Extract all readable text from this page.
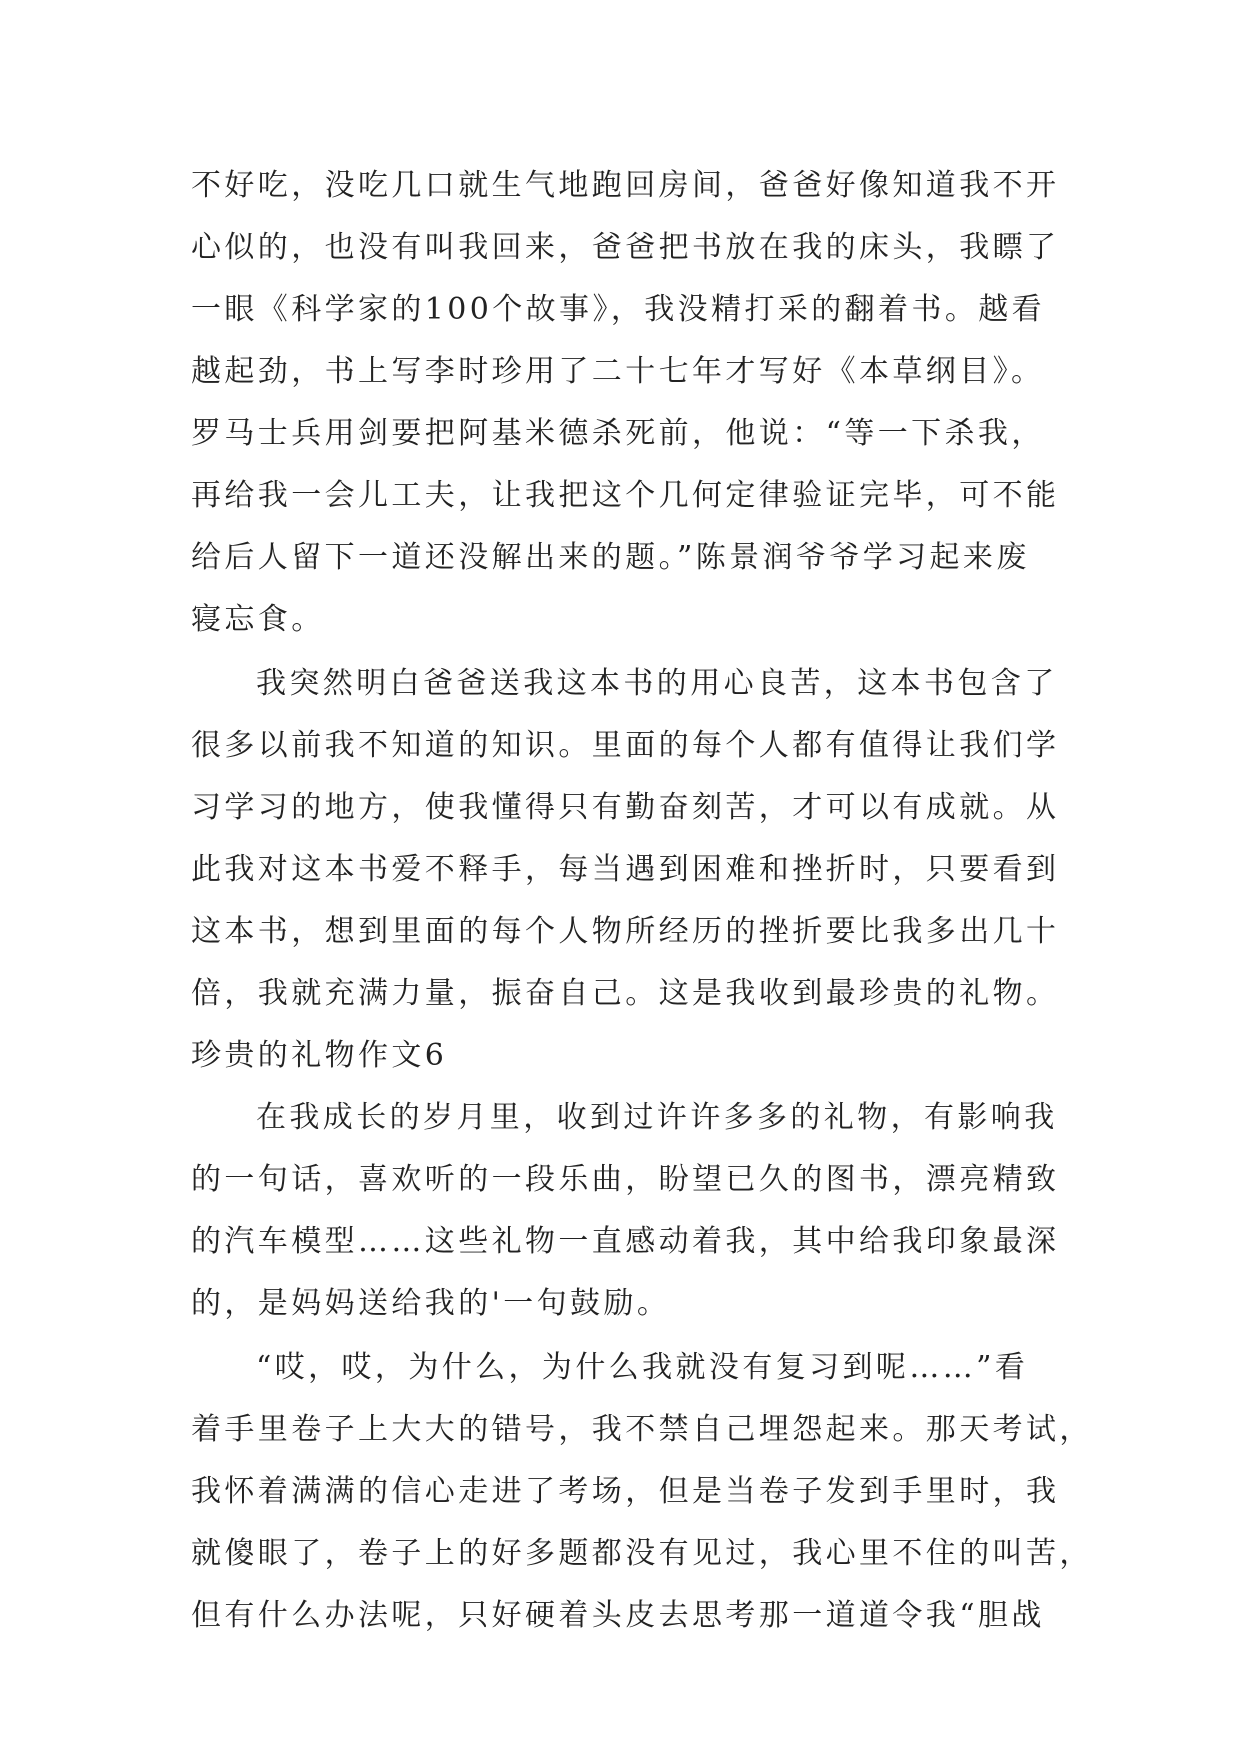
不好吃，没吃几口就生气地跑回房间，爸爸好像知道我不开
心似的，也没有叫我回来，爸爸把书放在我的床头，我瞟了
一眼《科学家的100个故事》，我没精打采的翻着书。越看
越起劲，书上写李时珍用了二十七年才写好《本草纲目》。
罗马士兵用剑要把阿基米德杀死前，他说：“等一下杀我，
再给我一会儿工夫，让我把这个几何定律验证完毕，可不能
给后人留下一道还没解出来的题。”陈景润爷爷学习起来废
寝忘食。
我突然明白爸爸送我这本书的用心良苦，这本书包含了
很多以前我不知道的知识。里面的每个人都有值得让我们学
习学习的地方，使我懂得只有勤奋刻苦，才可以有成就。从
此我对这本书爱不释手，每当遇到困难和挫折时，只要看到
这本书，想到里面的每个人物所经历的挫折要比我多出几十
倍，我就充满力量，振奋自己。这是我收到最珍贵的礼物。
珍贵的礼物作文6
在我成长的岁月里，收到过许许多多的礼物，有影响我
的一句话，喜欢听的一段乐曲，盼望已久的图书，漂亮精致
的汽车模型……这些礼物一直感动着我，其中给我印象最深
的，是妈妈送给我的'一句鼓励。
“哎，哎，为什么，为什么我就没有复习到呢……”看
着手里卷子上大大的错号，我不禁自己埋怨起来。那天考试，
我怀着满满的信心走进了考场，但是当卷子发到手里时，我
就傻眼了，卷子上的好多题都没有见过，我心里不住的叫苦，
但有什么办法呢，只好硬着头皮去思考那一道道令我“胆战
